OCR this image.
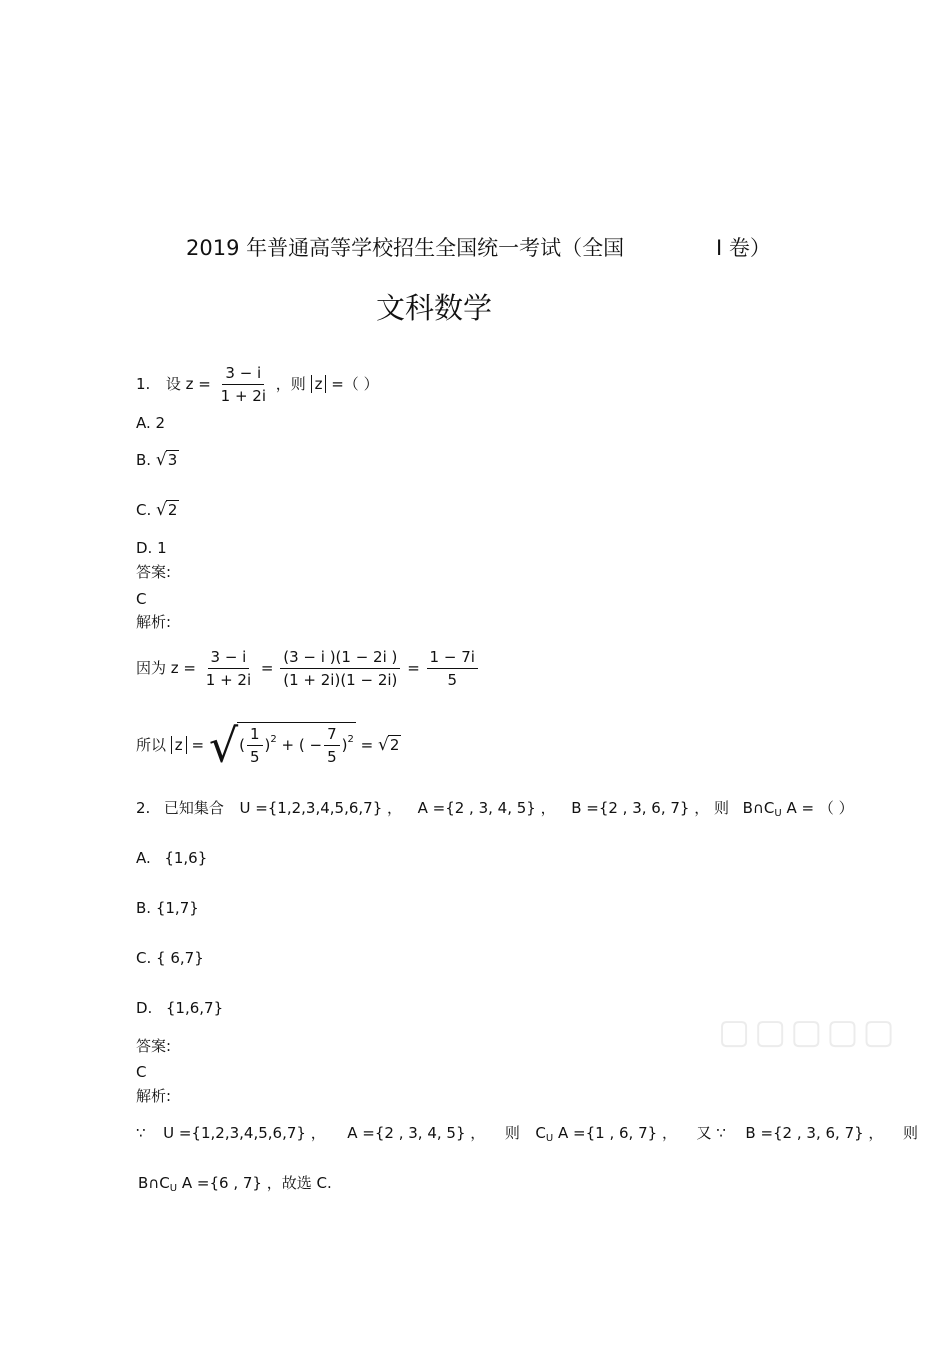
2019 年普通高等学校招生全国统一考试（全国	I 卷）
文科数学
1. 设 $z = \frac{3 - i}{1 + 2i}$ ，则 z =（ ）
A. 2
B. √3
C. √2
D. 1
答案:
C
解析:
因为 $z = \frac{3 - i}{1 + 2i} = \frac{(3 - i )(1 - 2i )}{(1 + 2i)(1 - 2i)} = \frac{1 - 7i}{5}$
所以 z = √( $\frac{1}{5} )^2$ + ( − $\frac{7}{5} )^2 = √2$
2. 已知集合 U ={1,2,3,4,5,6,7} ， A ={2 , 3, 4, 5} ， B ={2 , 3, 6, 7} ， 则 $B\cap C_U$ A = （ ）
A. {1,6}
B. {1,7}
C. { 6,7}
D. {1,6,7}
答案:
C
解析:
∵ U ={1,2,3,4,5,6,7} ， A ={2 , 3, 4, 5} ， 则 $C_U$ A ={1 , 6, 7} ， 又 ∵ B ={2 , 3, 6, 7} ， 则
$B\cap C_U$ A ={6 , 7} ，故选 C.
▢▢▢▢▢
